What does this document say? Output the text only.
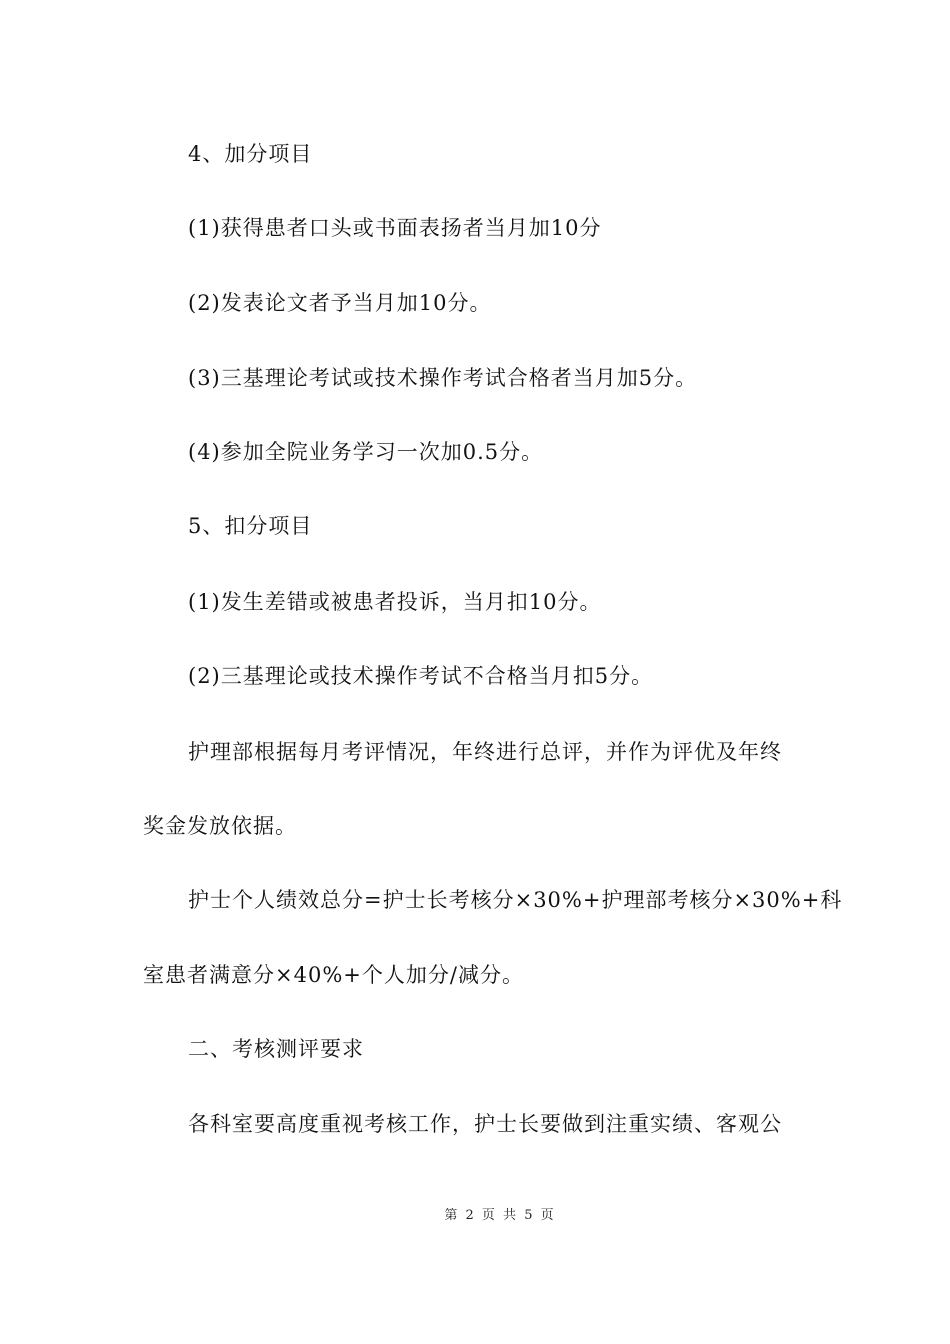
4、加分项目
(1)获得患者口头或书面表扬者当月加10分
(2)发表论文者予当月加10分。
(3)三基理论考试或技术操作考试合格者当月加5分。
(4)参加全院业务学习一次加0.5分。
5、扣分项目
(1)发生差错或被患者投诉，当月扣10分。
(2)三基理论或技术操作考试不合格当月扣5分。
护理部根据每月考评情况，年终进行总评，并作为评优及年终
奖金发放依据。
护士个人绩效总分=护士长考核分×30%+护理部考核分×30%+科
室患者满意分×40%+个人加分/减分。
二、考核测评要求
各科室要高度重视考核工作，护士长要做到注重实绩、客观公
第 2 页 共 5 页
